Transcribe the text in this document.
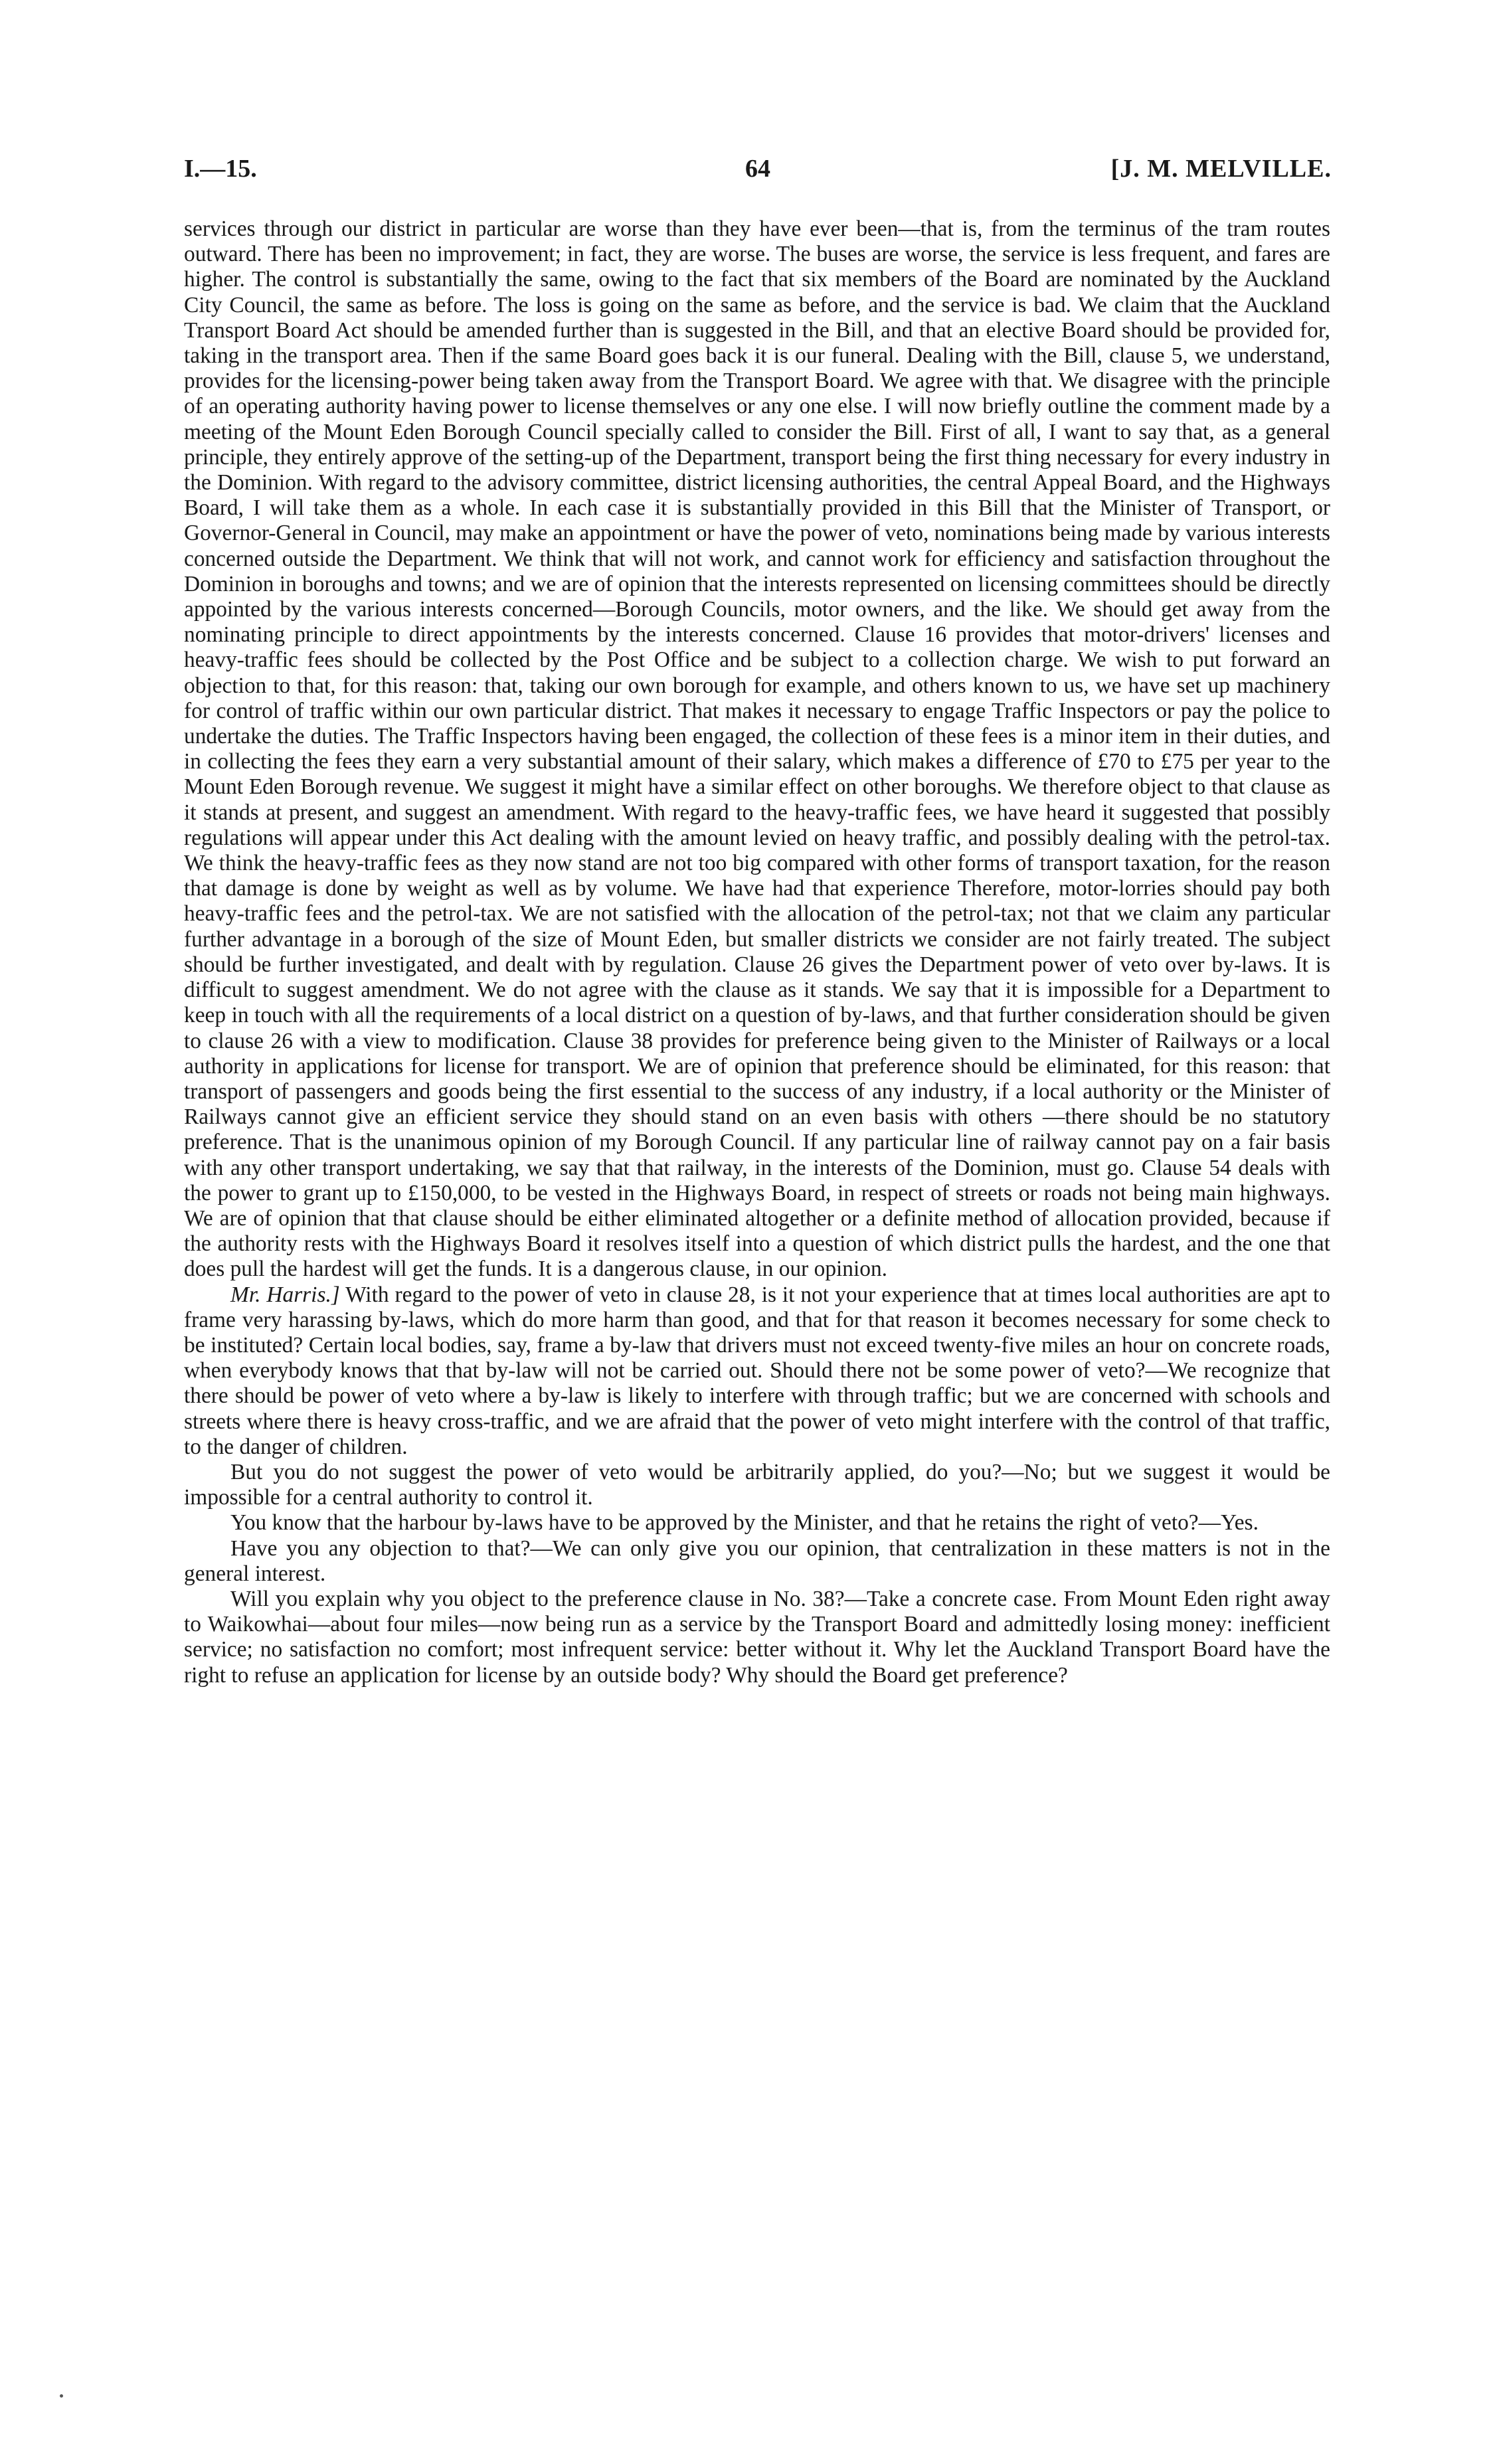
I.—15.	64	[J. M. MELVILLE.

services through our district in particular are worse than they have ever been—that is, from the terminus of the tram routes outward. There has been no improvement; in fact, they are worse. The buses are worse, the service is less frequent, and fares are higher. The control is substantially the same, owing to the fact that six members of the Board are nominated by the Auckland City Council, the same as before. The loss is going on the same as before, and the service is bad. We claim that the Auckland Transport Board Act should be amended further than is suggested in the Bill, and that an elective Board should be provided for, taking in the transport area. Then if the same Board goes back it is our funeral. Dealing with the Bill, clause 5, we understand, provides for the licensing-power being taken away from the Transport Board. We agree with that. We disagree with the principle of an operating authority having power to license themselves or any one else. I will now briefly outline the comment made by a meeting of the Mount Eden Borough Council specially called to consider the Bill. First of all, I want to say that, as a general principle, they entirely approve of the setting-up of the Department, transport being the first thing necessary for every industry in the Dominion. With regard to the advisory committee, district licensing authorities, the central Appeal Board, and the Highways Board, I will take them as a whole. In each case it is substantially provided in this Bill that the Minister of Transport, or Governor-General in Council, may make an appointment or have the power of veto, nominations being made by various interests concerned outside the Department. We think that will not work, and cannot work for efficiency and satisfaction throughout the Dominion in boroughs and towns; and we are of opinion that the interests represented on licensing committees should be directly appointed by the various interests concerned—Borough Councils, motor owners, and the like. We should get away from the nominating principle to direct appointments by the interests concerned. Clause 16 provides that motor-drivers' licenses and heavy-traffic fees should be collected by the Post Office and be subject to a collection charge. We wish to put forward an objection to that, for this reason: that, taking our own borough for example, and others known to us, we have set up machinery for control of traffic within our own particular district. That makes it necessary to engage Traffic Inspectors or pay the police to undertake the duties. The Traffic Inspectors having been engaged, the collection of these fees is a minor item in their duties, and in collecting the fees they earn a very substantial amount of their salary, which makes a difference of £70 to £75 per year to the Mount Eden Borough revenue. We suggest it might have a similar effect on other boroughs. We therefore object to that clause as it stands at present, and suggest an amendment. With regard to the heavy-traffic fees, we have heard it suggested that possibly regulations will appear under this Act dealing with the amount levied on heavy traffic, and possibly dealing with the petrol-tax. We think the heavy-traffic fees as they now stand are not too big compared with other forms of transport taxation, for the reason that damage is done by weight as well as by volume. We have had that experience Therefore, motor-lorries should pay both heavy-traffic fees and the petrol-tax. We are not satisfied with the allocation of the petrol-tax; not that we claim any particular further advantage in a borough of the size of Mount Eden, but smaller districts we consider are not fairly treated. The subject should be further investigated, and dealt with by regulation. Clause 26 gives the Department power of veto over by-laws. It is difficult to suggest amendment. We do not agree with the clause as it stands. We say that it is impossible for a Department to keep in touch with all the requirements of a local district on a question of by-laws, and that further consideration should be given to clause 26 with a view to modification. Clause 38 provides for preference being given to the Minister of Railways or a local authority in applications for license for transport. We are of opinion that preference should be eliminated, for this reason: that transport of passengers and goods being the first essential to the success of any industry, if a local authority or the Minister of Railways cannot give an efficient service they should stand on an even basis with others —there should be no statutory preference. That is the unanimous opinion of my Borough Council. If any particular line of railway cannot pay on a fair basis with any other transport undertaking, we say that that railway, in the interests of the Dominion, must go. Clause 54 deals with the power to grant up to £150,000, to be vested in the Highways Board, in respect of streets or roads not being main highways. We are of opinion that that clause should be either eliminated altogether or a definite method of allocation provided, because if the authority rests with the Highways Board it resolves itself into a question of which district pulls the hardest, and the one that does pull the hardest will get the funds. It is a dangerous clause, in our opinion.

Mr. Harris.] With regard to the power of veto in clause 28, is it not your experience that at times local authorities are apt to frame very harassing by-laws, which do more harm than good, and that for that reason it becomes necessary for some check to be instituted? Certain local bodies, say, frame a by-law that drivers must not exceed twenty-five miles an hour on concrete roads, when everybody knows that that by-law will not be carried out. Should there not be some power of veto?—We recognize that there should be power of veto where a by-law is likely to interfere with through traffic; but we are concerned with schools and streets where there is heavy cross-traffic, and we are afraid that the power of veto might interfere with the control of that traffic, to the danger of children.

But you do not suggest the power of veto would be arbitrarily applied, do you?—No; but we suggest it would be impossible for a central authority to control it.

You know that the harbour by-laws have to be approved by the Minister, and that he retains the right of veto?—Yes.

Have you any objection to that?—We can only give you our opinion, that centralization in these matters is not in the general interest.

Will you explain why you object to the preference clause in No. 38?—Take a concrete case. From Mount Eden right away to Waikowhai—about four miles—now being run as a service by the Transport Board and admittedly losing money: inefficient service; no satisfaction no comfort; most infrequent service: better without it. Why let the Auckland Transport Board have the right to refuse an application for license by an outside body? Why should the Board get preference?
